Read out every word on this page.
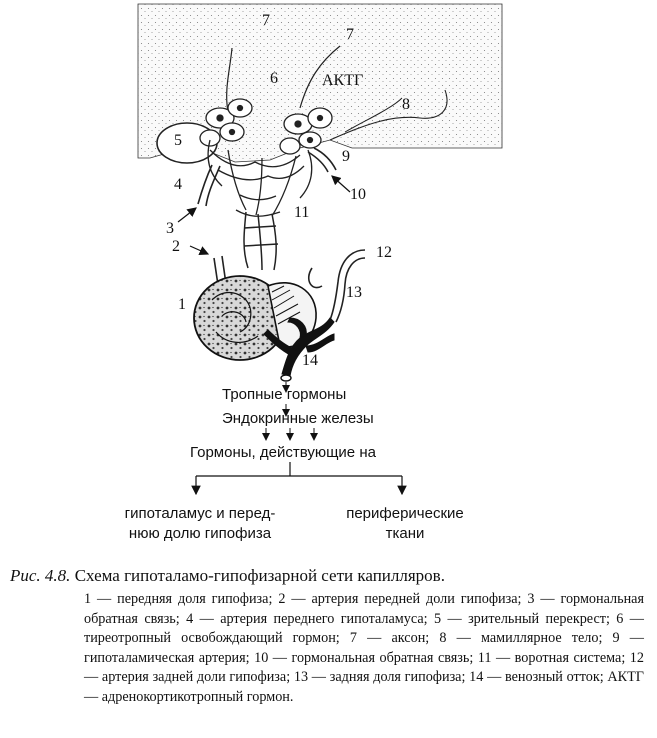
7
7
6	АКТГ
8
5
9
4
10
3
11
2	12
13
1
14
Тропные гормоны
Эндокринные железы
Гормоны, действующие на
гипоталамус и перед-
нюю долю гипофиза
периферические
ткани
Рис. 4.8. Схема гипоталамо-гипофизарной сети капилляров.
1 — передняя доля гипофиза; 2 — артерия передней доли гипофиза; 3 — гормональная обратная связь; 4 — артерия переднего гипоталамуса; 5 — зрительный перекрест; 6 — тиреотропный освобождающий гормон; 7 — аксон; 8 — мамиллярное тело; 9 — гипоталамическая артерия; 10 — гормональная обратная связь; 11 — воротная система; 12 — артерия задней доли гипофиза; 13 — задняя доля гипофиза; 14 — венозный отток; АКТГ — адренокортикотропный гормон.
